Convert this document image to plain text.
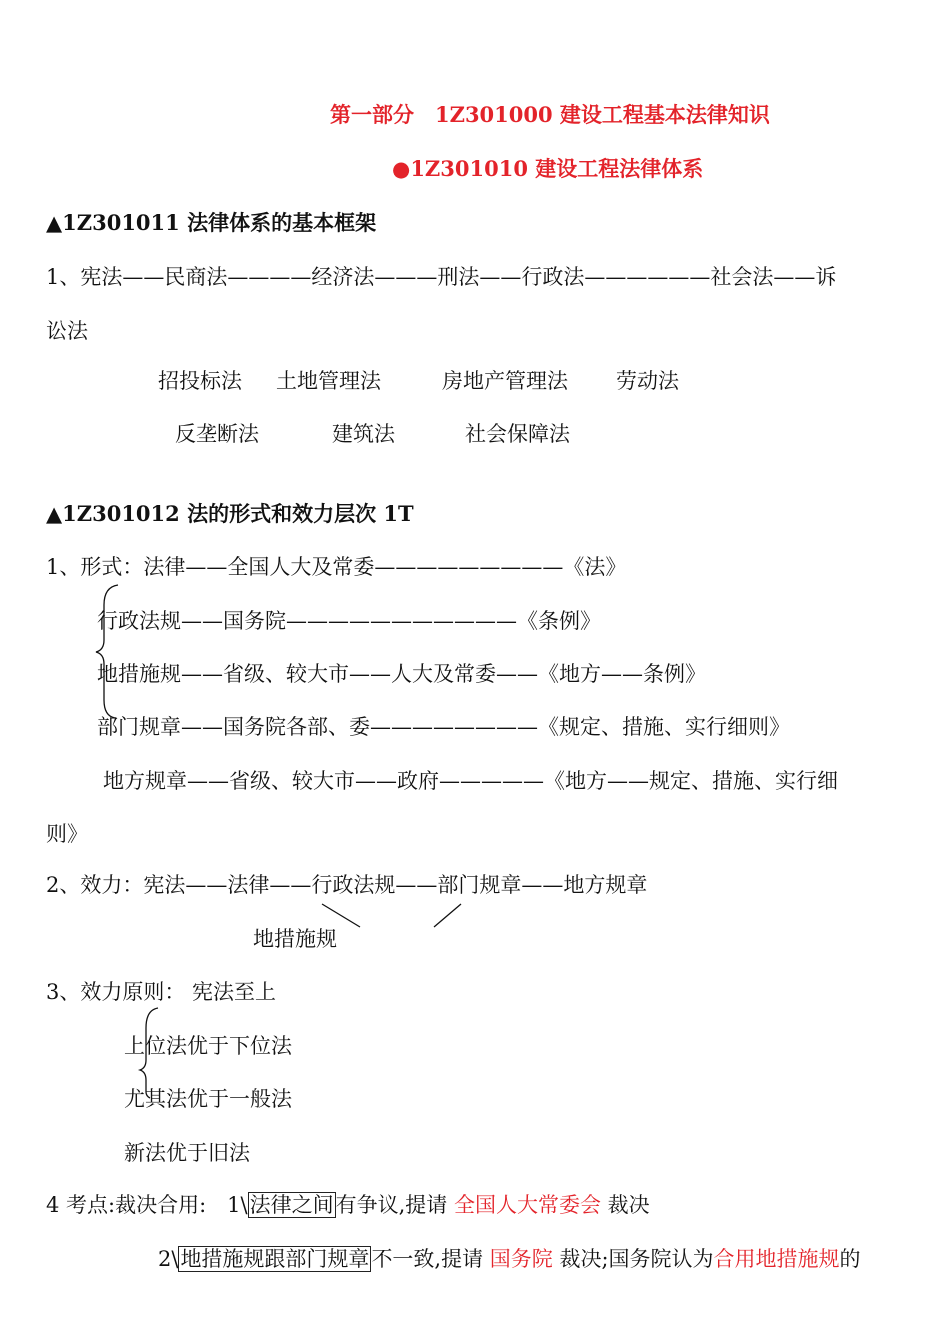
第一部分　1Z301000 建设工程基本法律知识
●1Z301010 建设工程法律体系
▲1Z301011 法律体系的基本框架
1、宪法——民商法————经济法———刑法——行政法——————社会法——诉
讼法
招投标法 土地管理法	房地产管理法 劳动法
反垄断法	建筑法	社会保障法
▲1Z301012 法的形式和效力层次 1T
1、形式：法律——全国人大及常委—————————《法》
行政法规——国务院———————————《条例》
地措施规——省级、较大市——人大及常委——《地方——条例》
部门规章——国务院各部、委————————《规定、措施、实行细则》
地方规章——省级、较大市——政府—————《地方——规定、措施、实行细
则》
2、效力：宪法——法律——行政法规——部门规章——地方规章
地措施规
3、效力原则： 宪法至上
上位法优于下位法
尤其法优于一般法
新法优于旧法
4 考点:裁决合用:　1\法律之间有争议,提请 全国人大常委会 裁决
2\地措施规跟部门规章不一致,提请 国务院 裁决;国务院认为合用地措施规的
